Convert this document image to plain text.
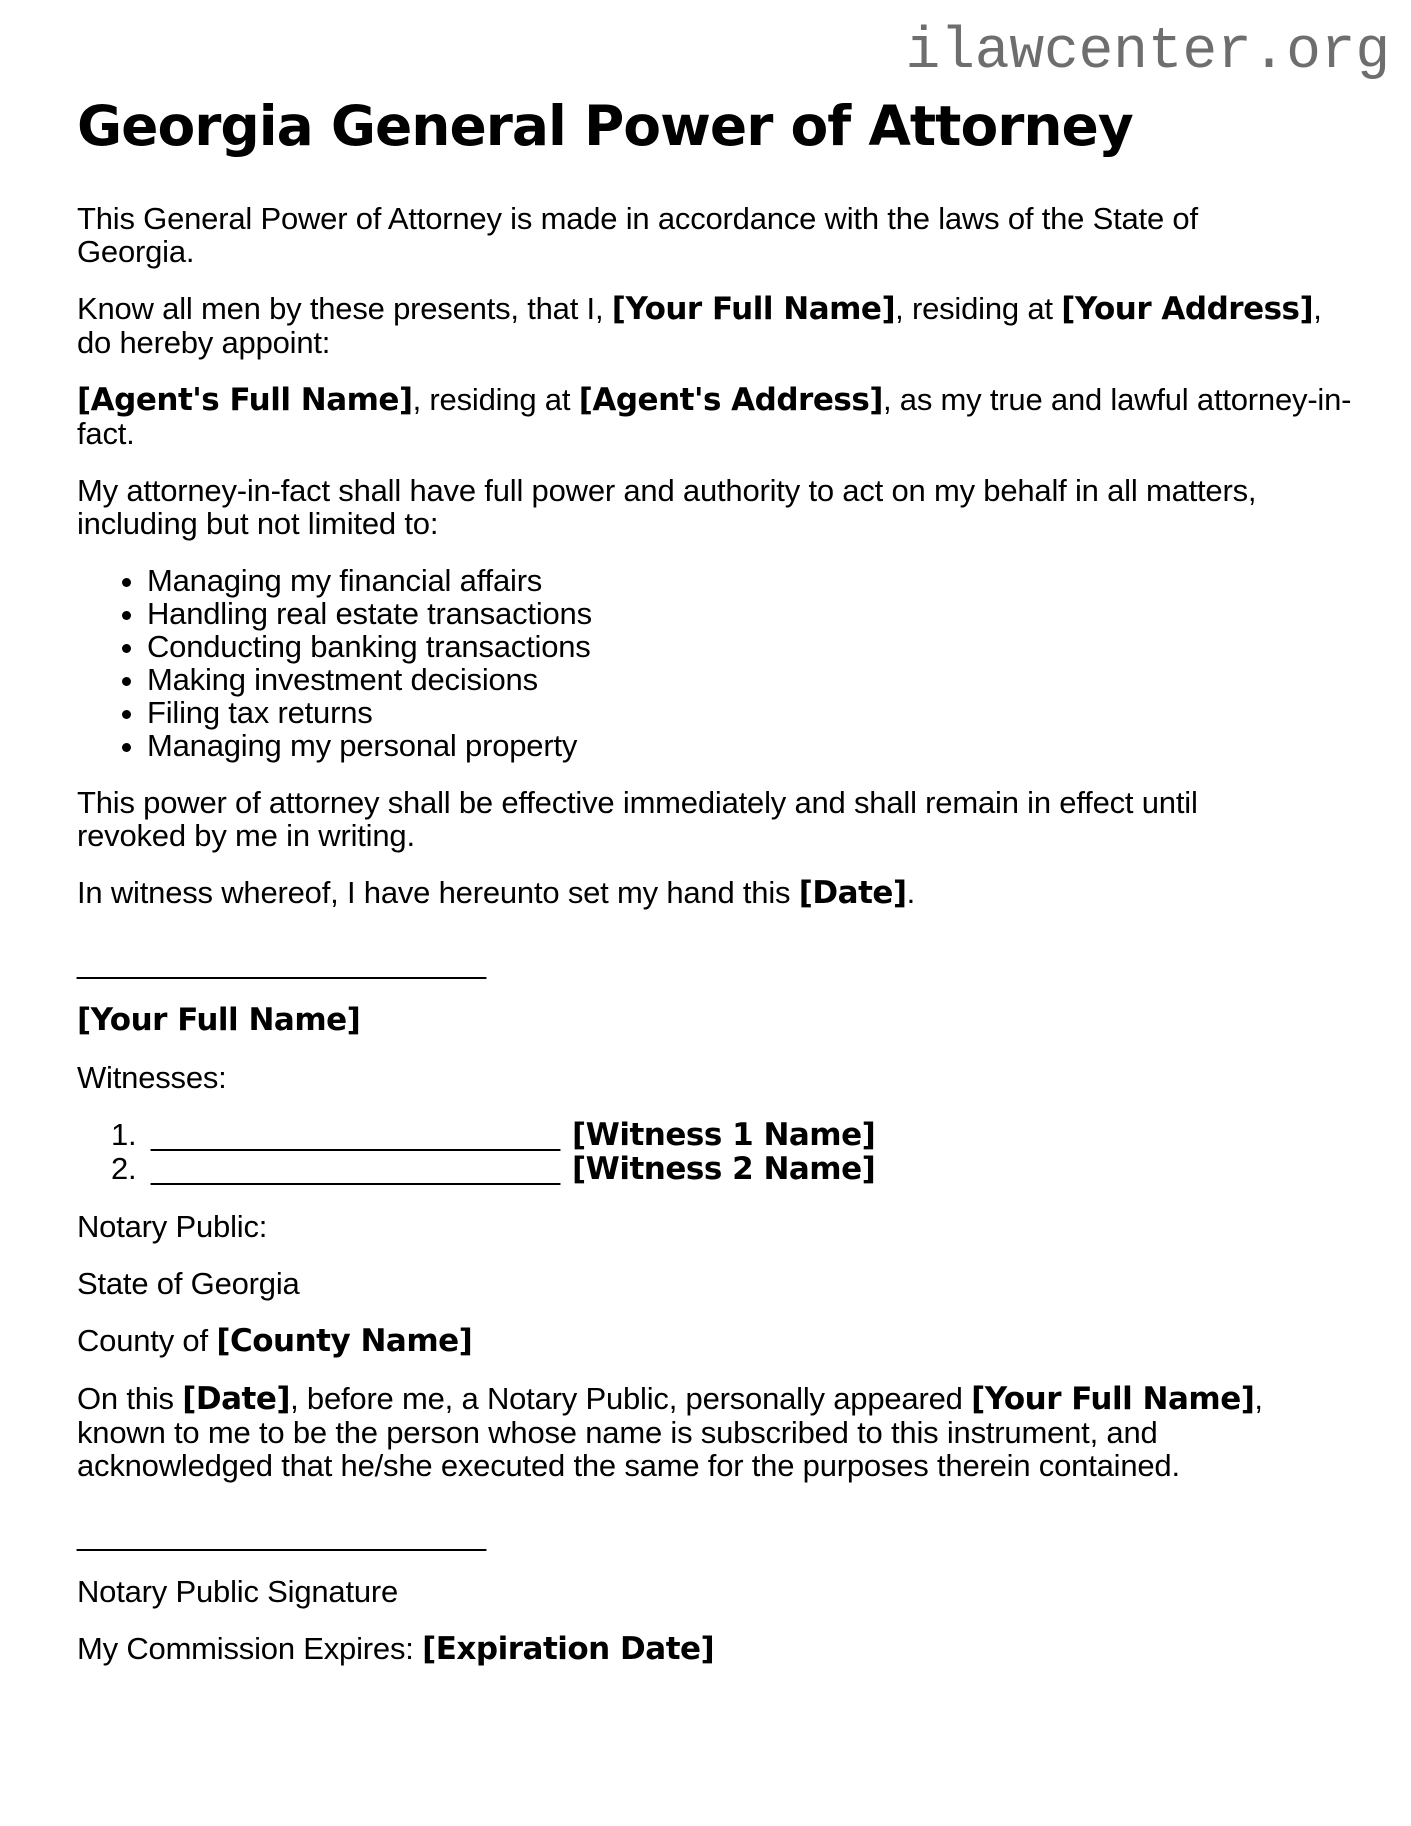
ilawcenter.org
Georgia General Power of Attorney

This General Power of Attorney is made in accordance with the laws of the State of
Georgia.

Know all men by these presents, that I, [Your Full Name], residing at [Your Address],
do hereby appoint:

[Agent's Full Name], residing at [Agent's Address], as my true and lawful attorney-in-
fact.

My attorney-in-fact shall have full power and authority to act on my behalf in all matters,
including but not limited to:

• Managing my financial affairs
• Handling real estate transactions
• Conducting banking transactions
• Making investment decisions
• Filing tax returns
• Managing my personal property

This power of attorney shall be effective immediately and shall remain in effect until
revoked by me in writing.

In witness whereof, I have hereunto set my hand this [Date].

________________________
[Your Full Name]

Witnesses:

1. ________________________ [Witness 1 Name]
2. ________________________ [Witness 2 Name]

Notary Public:

State of Georgia

County of [County Name]

On this [Date], before me, a Notary Public, personally appeared [Your Full Name],
known to me to be the person whose name is subscribed to this instrument, and
acknowledged that he/she executed the same for the purposes therein contained.

________________________

Notary Public Signature

My Commission Expires: [Expiration Date]
